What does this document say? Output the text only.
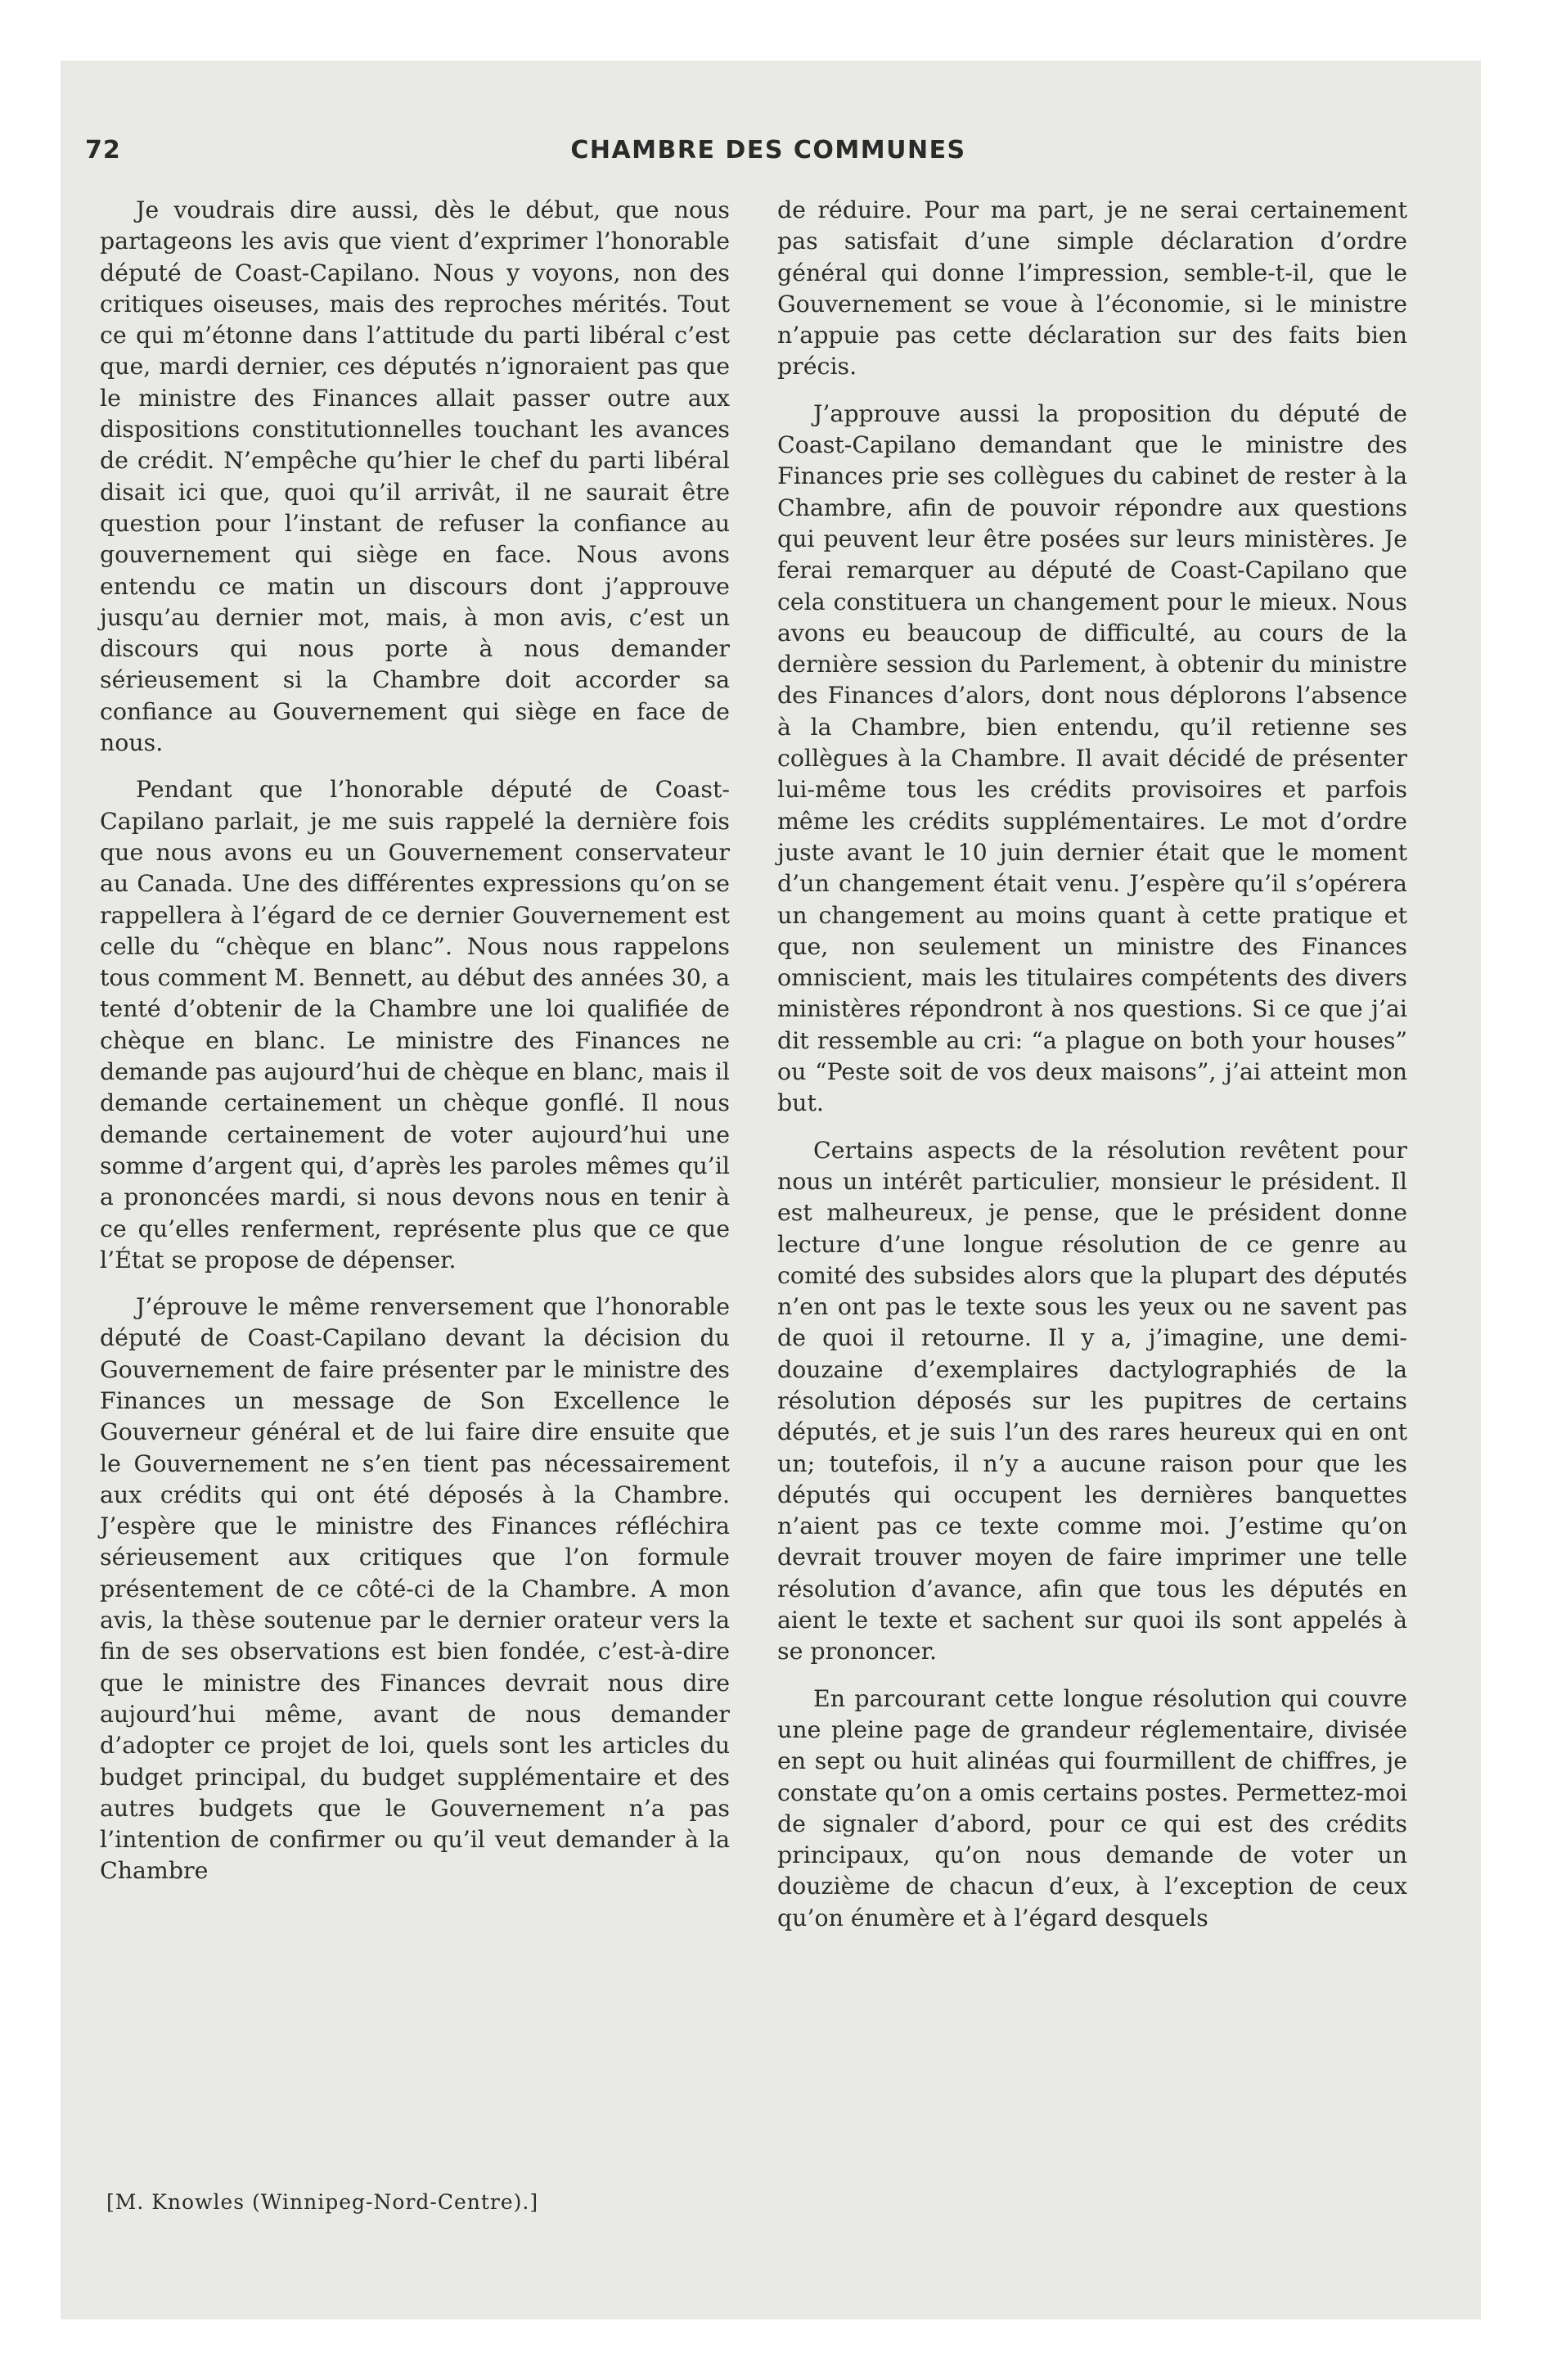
72	CHAMBRE DES COMMUNES

Je voudrais dire aussi, dès le début, que nous partageons les avis que vient d’exprimer l’honorable député de Coast-Capilano. Nous y voyons, non des critiques oiseuses, mais des reproches mérités. Tout ce qui m’étonne dans l’attitude du parti libéral c’est que, mardi dernier, ces députés n’ignoraient pas que le ministre des Finances allait passer outre aux dispositions constitutionnelles touchant les avances de crédit. N’empêche qu’hier le chef du parti libéral disait ici que, quoi qu’il arrivât, il ne saurait être question pour l’instant de refuser la confiance au gouvernement qui siège en face. Nous avons entendu ce matin un discours dont j’approuve jusqu’au dernier mot, mais, à mon avis, c’est un discours qui nous porte à nous demander sérieusement si la Chambre doit accorder sa confiance au Gouvernement qui siège en face de nous.

Pendant que l’honorable député de Coast-Capilano parlait, je me suis rappelé la dernière fois que nous avons eu un Gouvernement conservateur au Canada. Une des différentes expressions qu’on se rappellera à l’égard de ce dernier Gouvernement est celle du “chèque en blanc”. Nous nous rappelons tous comment M. Bennett, au début des années 30, a tenté d’obtenir de la Chambre une loi qualifiée de chèque en blanc. Le ministre des Finances ne demande pas aujourd’hui de chèque en blanc, mais il demande certainement un chèque gonflé. Il nous demande certainement de voter aujourd’hui une somme d’argent qui, d’après les paroles mêmes qu’il a prononcées mardi, si nous devons nous en tenir à ce qu’elles renferment, représente plus que ce que l’État se propose de dépenser.

J’éprouve le même renversement que l’honorable député de Coast-Capilano devant la décision du Gouvernement de faire présenter par le ministre des Finances un message de Son Excellence le Gouverneur général et de lui faire dire ensuite que le Gouvernement ne s’en tient pas nécessairement aux crédits qui ont été déposés à la Chambre. J’espère que le ministre des Finances réfléchira sérieusement aux critiques que l’on formule présentement de ce côté-ci de la Chambre. A mon avis, la thèse soutenue par le dernier orateur vers la fin de ses observations est bien fondée, c’est-à-dire que le ministre des Finances devrait nous dire aujourd’hui même, avant de nous demander d’adopter ce projet de loi, quels sont les articles du budget principal, du budget supplémentaire et des autres budgets que le Gouvernement n’a pas l’intention de confirmer ou qu’il veut demander à la Chambre

de réduire. Pour ma part, je ne serai certainement pas satisfait d’une simple déclaration d’ordre général qui donne l’impression, semble-t-il, que le Gouvernement se voue à l’économie, si le ministre n’appuie pas cette déclaration sur des faits bien précis.

J’approuve aussi la proposition du député de Coast-Capilano demandant que le ministre des Finances prie ses collègues du cabinet de rester à la Chambre, afin de pouvoir répondre aux questions qui peuvent leur être posées sur leurs ministères. Je ferai remarquer au député de Coast-Capilano que cela constituera un changement pour le mieux. Nous avons eu beaucoup de difficulté, au cours de la dernière session du Parlement, à obtenir du ministre des Finances d’alors, dont nous déplorons l’absence à la Chambre, bien entendu, qu’il retienne ses collègues à la Chambre. Il avait décidé de présenter lui-même tous les crédits provisoires et parfois même les crédits supplémentaires. Le mot d’ordre juste avant le 10 juin dernier était que le moment d’un changement était venu. J’espère qu’il s’opérera un changement au moins quant à cette pratique et que, non seulement un ministre des Finances omniscient, mais les titulaires compétents des divers ministères répondront à nos questions. Si ce que j’ai dit ressemble au cri: “a plague on both your houses” ou “Peste soit de vos deux maisons”, j’ai atteint mon but.

Certains aspects de la résolution revêtent pour nous un intérêt particulier, monsieur le président. Il est malheureux, je pense, que le président donne lecture d’une longue résolution de ce genre au comité des subsides alors que la plupart des députés n’en ont pas le texte sous les yeux ou ne savent pas de quoi il retourne. Il y a, j’imagine, une demi-douzaine d’exemplaires dactylographiés de la résolution déposés sur les pupitres de certains députés, et je suis l’un des rares heureux qui en ont un; toutefois, il n’y a aucune raison pour que les députés qui occupent les dernières banquettes n’aient pas ce texte comme moi. J’estime qu’on devrait trouver moyen de faire imprimer une telle résolution d’avance, afin que tous les députés en aient le texte et sachent sur quoi ils sont appelés à se prononcer.

En parcourant cette longue résolution qui couvre une pleine page de grandeur réglementaire, divisée en sept ou huit alinéas qui fourmillent de chiffres, je constate qu’on a omis certains postes. Permettez-moi de signaler d’abord, pour ce qui est des crédits principaux, qu’on nous demande de voter un douzième de chacun d’eux, à l’exception de ceux qu’on énumère et à l’égard desquels

[M. Knowles (Winnipeg-Nord-Centre).]
